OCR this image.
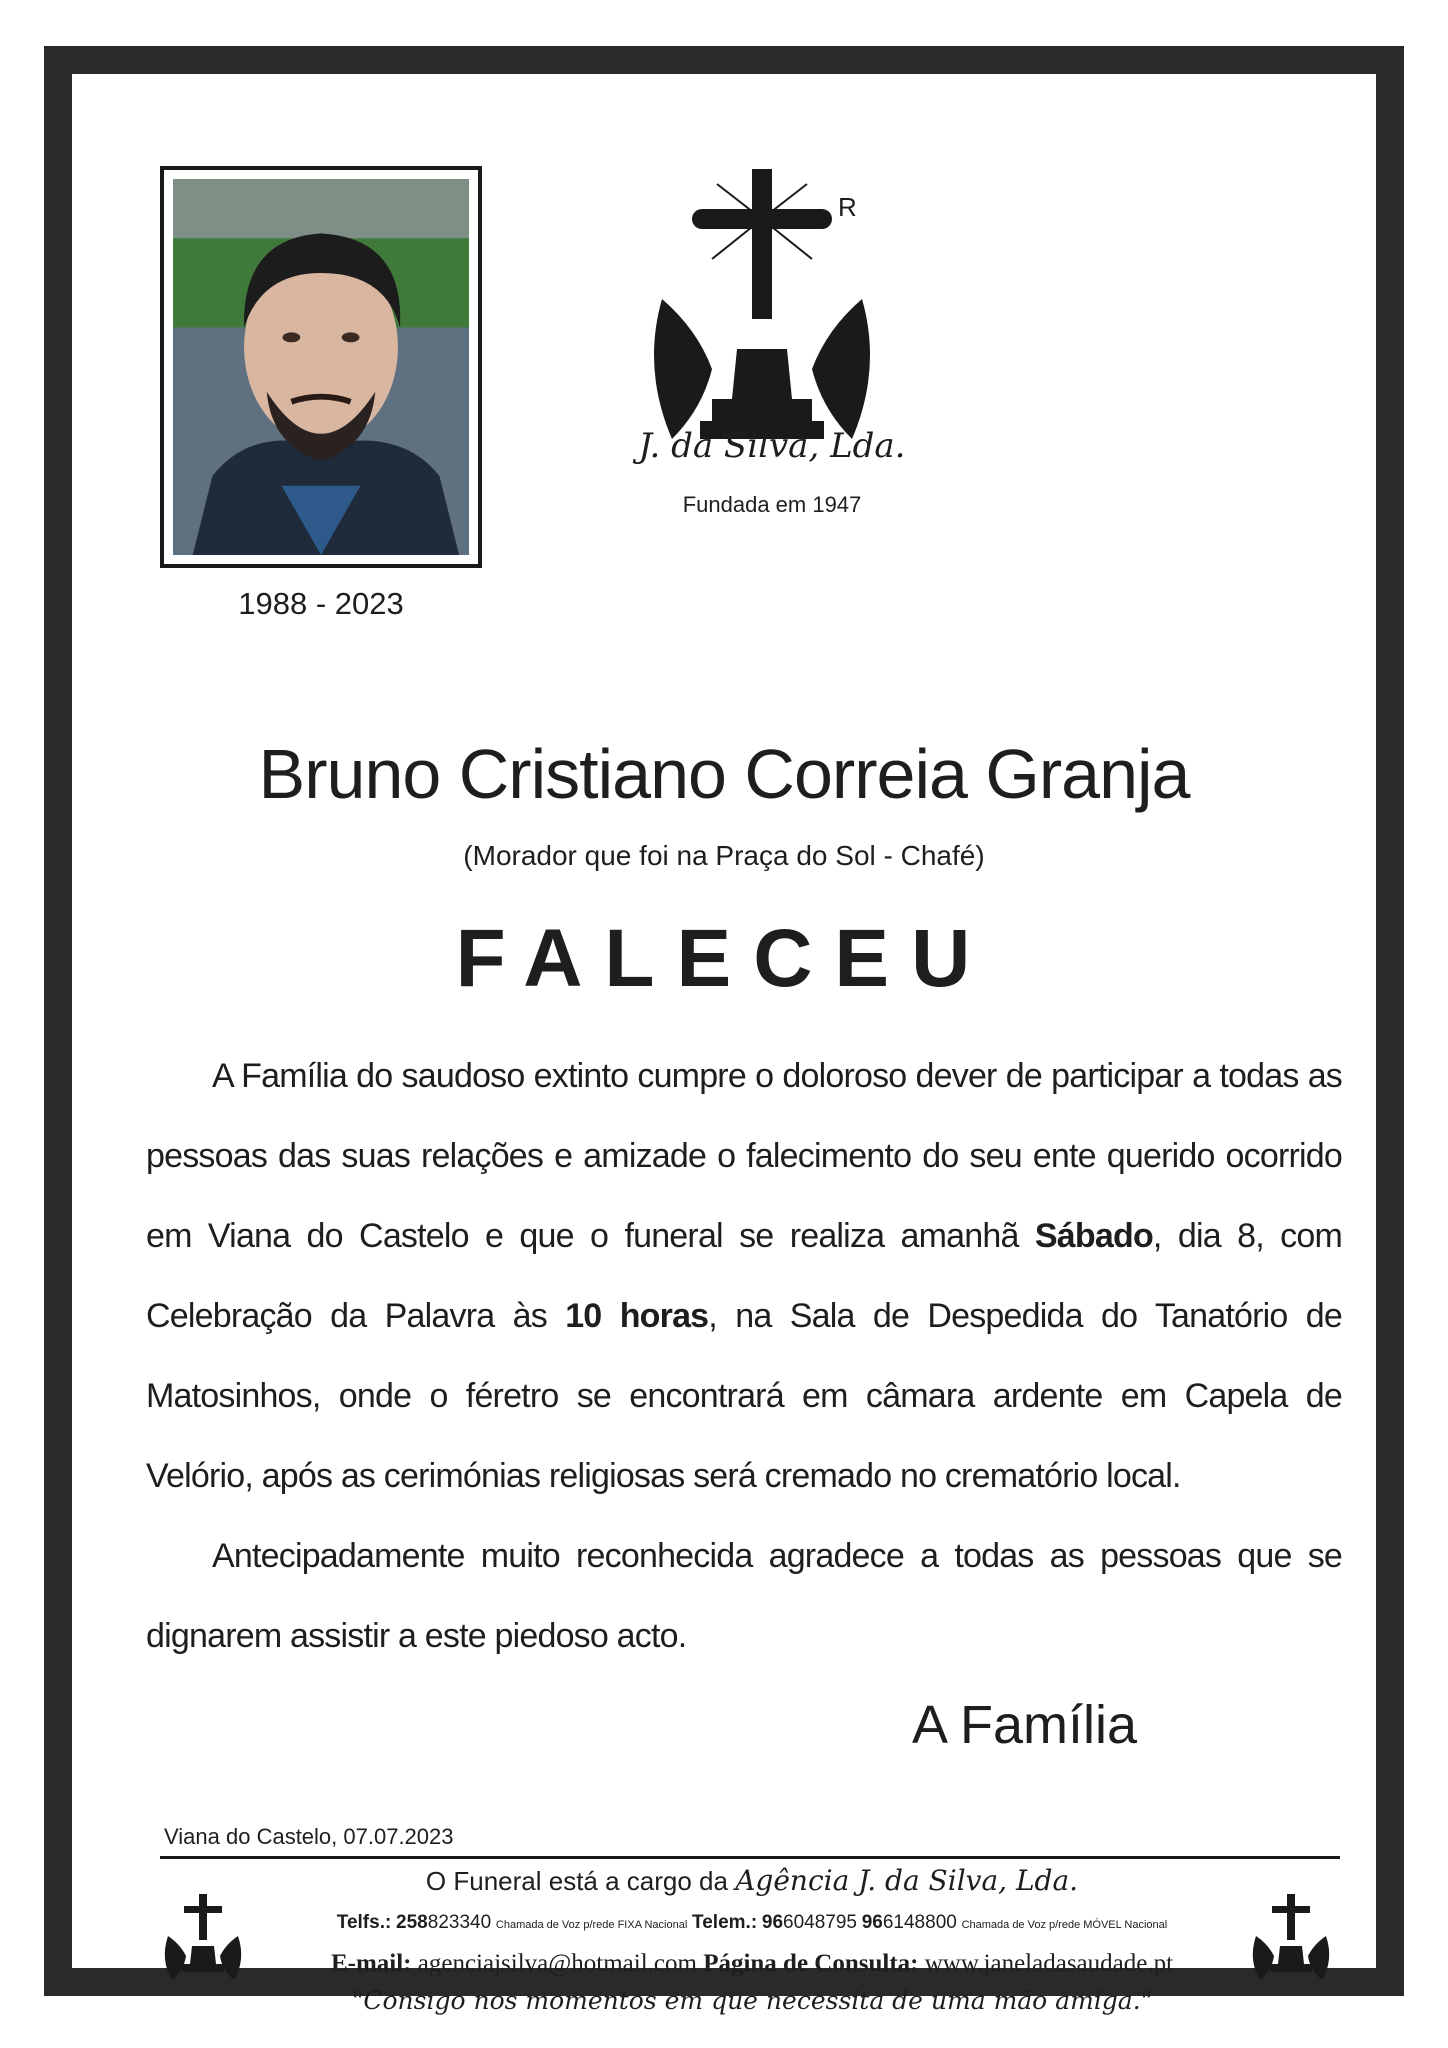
1988 - 2023
R
J. da Silva, Lda.
Fundada em 1947
Bruno Cristiano Correia Granja
(Morador que foi na Praça do Sol - Chafé)
FALECEU

A Família do saudoso extinto cumpre o doloroso dever de participar a todas as pessoas das suas relações e amizade o falecimento do seu ente querido ocorrido em Viana do Castelo e que o funeral se realiza amanhã Sábado, dia 8, com Celebração da Palavra às 10 horas, na Sala de Despedida do Tanatório de Matosinhos, onde o féretro se encontrará em câmara ardente em Capela de Velório, após as cerimónias religiosas será cremado no crematório local.

Antecipadamente muito reconhecida agradece a todas as pessoas que se dignarem assistir a este piedoso acto.

A Família
Viana do Castelo, 07.07.2023
O Funeral está a cargo da Agência J. da Silva, Lda.
Telfs.: 258823340 Chamada de Voz p/rede FIXA Nacional Telem.: 966048795 966148800 Chamada de Voz p/rede MÓVEL Nacional
E-mail: agenciajsilva@hotmail.com Página de Consulta: www.janeladasaudade.pt
"Consigo nos momentos em que necessita de uma mão amiga."
